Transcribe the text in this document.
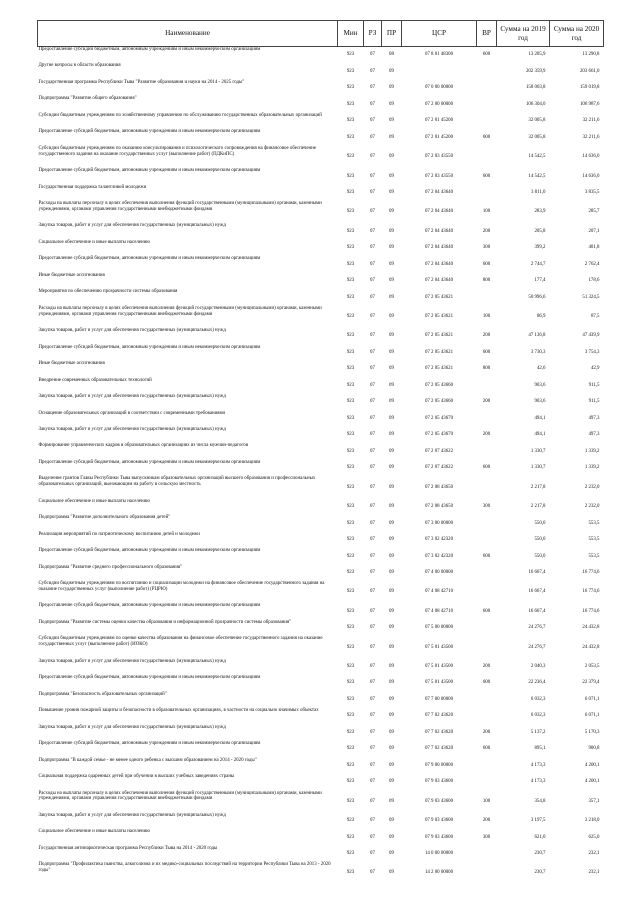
Наименование	Мин	РЗ	ПР	ЦСР	ВР	Сумма на 2019 год	Сумма на 2020 год
Предоставление субсидий бюджетным, автономным учреждениям и иным некоммерческим организациям	923	07	08	07 8 01 48300	600	13 205,9	13 290,8
Другие вопросы в области образования	923	07	09			202 359,9	203 661,0
Государственная программа Республики Тыва "Развитие образования и науки на 2014 - 2025 годы"	923	07	09	07 0 00 00000		158 003,8	159 019,8
Подпрограмма "Развитие общего образования"	923	07	09	07 2 00 00000		106 304,0	106 987,6
Субсидии бюджетным учреждениям по хозяйственному управлению по обслуживанию государственных образовательных организаций	923	07	09	07 2 01 45200		32 005,8	32 211,6
Предоставление субсидий бюджетным, автономным учреждениям и иным некоммерческим организациям	923	07	09	07 2 01 45200	600	32 005,8	32 211,6
Субсидии бюджетным учреждениям по оказанию консультирования и психологического сопровождения на финансовое обеспечение государственного задания на оказание государственных услуг (выполнение работ) (ПДКиПС)	923	07	09	07 2 03 43550		14 542,5	14 636,0
Предоставление субсидий бюджетным, автономным учреждениям и иным некоммерческим организациям	923	07	09	07 2 03 43550	600	14 542,5	14 636,0
Государственная поддержка талантливой молодежи	923	07	09	07 2 04 43640		3 811,0	3 835,5
Расходы на выплаты персоналу в целях обеспечения выполнения функций государственными (муниципальными) органами, казенными учреждениями, органами управления государственными внебюджетными фондами	923	07	09	07 2 04 43640	100	283,9	285,7
Закупка товаров, работ и услуг для обеспечения государственных (муниципальных) нужд	923	07	09	07 2 04 43640	200	205,8	207,1
Социальное обеспечение и иные выплаты населению	923	07	09	07 2 04 43640	300	399,2	401,8
Предоставление субсидий бюджетным, автономным учреждениям и иным некоммерческим организациям	923	07	09	07 2 04 43640	600	2 744,7	2 762,4
Иные бюджетные ассигнования	923	07	09	07 2 04 43640	800	177,4	178,6
Мероприятия по обеспечению прозрачности системы образования	923	07	09	07 2 05 43621		50 996,6	51 324,5
Расходы на выплаты персоналу в целях обеспечения выполнения функций государственными (муниципальными) органами, казенными учреждениями, органами управления государственными внебюджетными фондами	923	07	09	07 2 05 43621	100	86,9	87,5
Закупка товаров, работ и услуг для обеспечения государственных (муниципальных) нужд	923	07	09	07 2 05 43621	200	47 136,8	47 439,9
Предоставление субсидий бюджетным, автономным учреждениям и иным некоммерческим организациям	923	07	09	07 2 05 43621	600	3 730,3	3 754,3
Иные бюджетные ассигнования	923	07	09	07 2 05 43621	800	42,6	42,9
Внедрение современных образовательных технологий	923	07	09	07 2 05 43660		903,6	911,5
Закупка товаров, работ и услуг для обеспечения государственных (муниципальных) нужд	923	07	09	07 2 05 43660	200	903,6	911,5
Оснащение образовательных организаций в соответствии с современными требованиями	923	07	09	07 2 05 43670		494,1	497,3
Закупка товаров, работ и услуг для обеспечения государственных (муниципальных) нужд	923	07	09	07 2 05 43670	200	494,1	497,3
Формирование управленческих кадров в образовательных организациях из числа мужчин-педагогов	923	07	09	07 2 07 43622		1 330,7	1 339,2
Предоставление субсидий бюджетным, автономным учреждениям и иным некоммерческим организациям	923	07	09	07 2 07 43622	600	1 330,7	1 339,2
Выделение грантов Главы Республики Тыва выпускникам образовательных организаций высшего образования и профессиональных образовательных организаций, выезжающим на работу в сельскую местность	923	07	09	07 2 08 43650		2 217,8	2 232,0
Социальное обеспечение и иные выплаты населению	923	07	09	07 2 08 43650	300	2 217,8	2 232,0
Подпрограмма "Развитие дополнительного образования детей"	923	07	09	07 3 00 00000		550,0	553,5
Реализация мероприятий по патриотическому воспитанию детей и молодежи	923	07	09	07 3 02 42320		550,0	553,5
Предоставление субсидий бюджетным, автономным учреждениям и иным некоммерческим организациям	923	07	09	07 3 02 42320	600	550,0	553,5
Подпрограмма "Развитие среднего профессионального образования"	923	07	09	07 4 00 00000		16 667,4	16 774,6
Субсидии бюджетным учреждениям по воспитанию и социализации молодежи на финансовое обеспечение государственного задания на оказание государственных услуг (выполнение работ) (РЦРЮ)	923	07	09	07 4 08 42710		16 667,4	16 774,6
Предоставление субсидий бюджетным, автономным учреждениям и иным некоммерческим организациям	923	07	09	07 4 08 42710	600	16 667,4	16 774,6
Подпрограмма "Развитие системы оценки качества образования и информационной прозрачности системы образования"	923	07	09	07 5 00 00000		24 276,7	24 432,8
Субсидии бюджетным учреждениям по оценке качества образования на финансовое обеспечение государственного задания на оказание государственных услуг (выполнение работ) (ИОКО)	923	07	09	07 5 01 43500		24 276,7	24 432,8
Закупка товаров, работ и услуг для обеспечения государственных (муниципальных) нужд	923	07	09	07 5 01 43500	200	2 040,3	2 053,5
Предоставление субсидий бюджетным, автономным учреждениям и иным некоммерческим организациям	923	07	09	07 5 01 43500	600	22 236,4	22 379,4
Подпрограмма "Безопасность образовательных организаций"	923	07	09	07 7 00 00000		6 032,3	6 071,1
Повышение уровня пожарной защиты и безопасности в образовательных организациях, в частности на социально значимых объектах	923	07	09	07 7 02 43620		6 032,3	6 071,1
Закупка товаров, работ и услуг для обеспечения государственных (муниципальных) нужд	923	07	09	07 7 02 43620	200	5 137,2	5 170,3
Предоставление субсидий бюджетным, автономным учреждениям и иным некоммерческим организациям	923	07	09	07 7 02 43620	600	895,1	900,8
Подпрограмма "В каждой семье - не менее одного ребенка с высшим образованием на 2014 - 2020 годы"	923	07	09	07 9 00 00000		4 173,3	4 200,1
Социальная поддержка одаренных детей при обучении в высших учебных заведениях страны	923	07	09	07 9 03 43600		4 173,3	4 200,1
Расходы на выплаты персоналу в целях обеспечения выполнения функций государственными (муниципальными) органами, казенными учреждениями, органами управления государственными внебюджетными фондами	923	07	09	07 9 03 43600	100	354,8	357,1
Закупка товаров, работ и услуг для обеспечения государственных (муниципальных) нужд	923	07	09	07 9 03 43600	200	3 197,5	3 218,0
Социальное обеспечение и иные выплаты населению	923	07	09	07 9 03 43600	300	621,0	625,0
Государственная антинаркотическая программа Республики Тыва на 2014 - 2020 годы	923	07	09	14 0 00 00000		230,7	232,1
Подпрограмма "Профилактика пьянства, алкоголизма и их медико-социальных последствий на территории Республики Тыва на 2013 - 2020 годы"	923	07	09	14 2 00 00000		230,7	232,1
